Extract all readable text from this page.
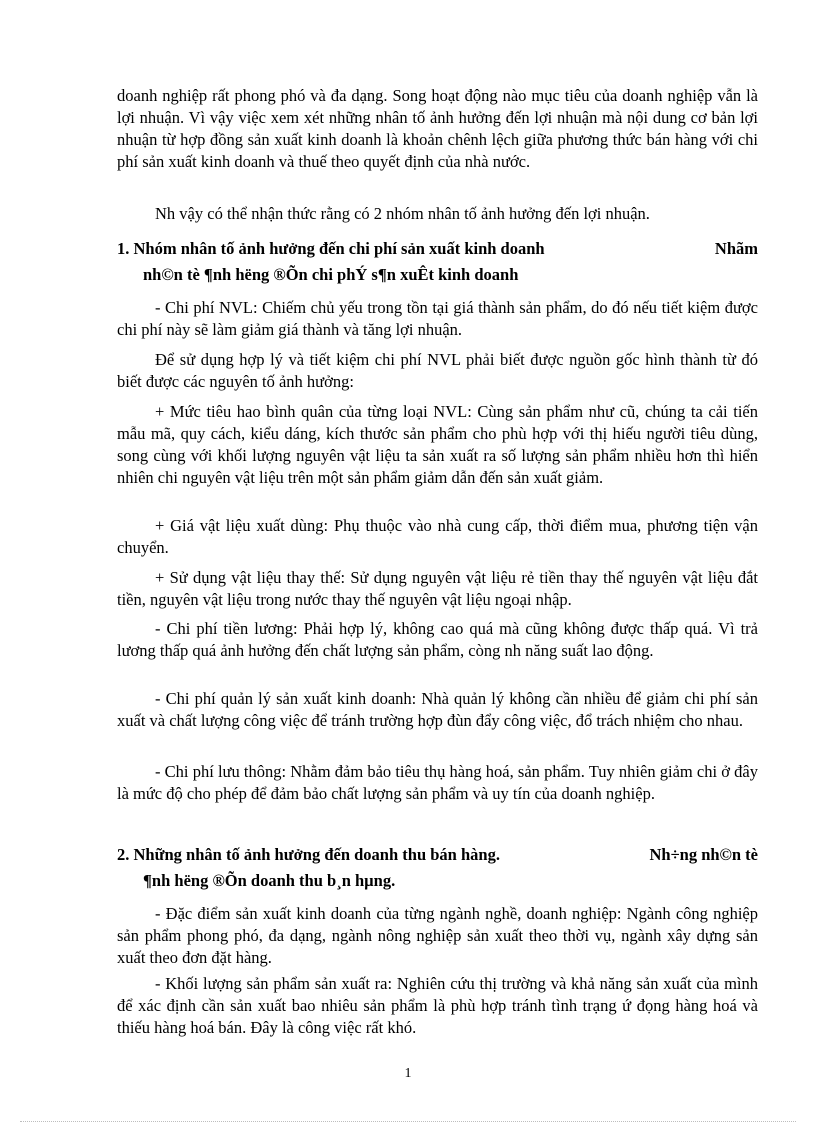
doanh nghiệp rất phong phó và đa dạng. Song hoạt động nào mục tiêu của doanh nghiệp vẫn là lợi nhuận. Vì vậy việc xem xét những nhân tố ảnh hưởng đến lợi nhuận mà nội dung cơ bản lợi nhuận từ hợp đồng sản xuất kinh doanh là khoản chênh lệch giữa phương thức bán hàng với chi phí sản xuất kinh doanh và thuế theo quyết định của nhà nước.

Nh vậy có thể nhận thức rằng có 2 nhóm nhân tố ảnh hưởng đến lợi nhuận.

1. Nhóm nhân tố ảnh hưởng đến chi phí sản xuất kinh doanh	Nhãm
nh©n tè ¶nh hëng ®Õn chi phÝ s¶n xuÊt kinh doanh

- Chi phí NVL: Chiếm chủ yếu trong tồn tại giá thành sản phẩm, do đó nếu tiết kiệm được chi phí này sẽ làm giảm giá thành và tăng lợi nhuận.

Để sử dụng hợp lý và tiết kiệm chi phí NVL phải biết được nguồn gốc hình thành từ đó biết được các nguyên tố ảnh hưởng:

+ Mức tiêu hao bình quân của từng loại NVL: Cùng sản phẩm như cũ, chúng ta cải tiến mẫu mã, quy cách, kiểu dáng, kích thước sản phẩm cho phù hợp với thị hiếu người tiêu dùng, song cùng với khối lượng nguyên vật liệu ta sản xuất ra số lượng sản phẩm nhiều hơn thì hiển nhiên chi nguyên vật liệu trên một sản phẩm giảm dẫn đến sản xuất giảm.

+ Giá vật liệu xuất dùng: Phụ thuộc vào nhà cung cấp, thời điểm mua, phương tiện vận chuyển.

+ Sử dụng vật liệu thay thế: Sử dụng nguyên vật liệu rẻ tiền thay thế nguyên vật liệu đắt tiền, nguyên vật liệu trong nước thay thế nguyên vật liệu ngoại nhập.

- Chi phí tiền lương: Phải hợp lý, không cao quá mà cũng không được thấp quá. Vì trả lương thấp quá ảnh hưởng đến chất lượng sản phẩm, còng nh năng suất lao động.

- Chi phí quản lý sản xuất kinh doanh: Nhà quản lý không cần nhiều để giảm chi phí sản xuất và chất lượng công việc để tránh trường hợp đùn đẩy công việc, đổ trách nhiệm cho nhau.

- Chi phí lưu thông: Nhằm đảm bảo tiêu thụ hàng hoá, sản phẩm. Tuy nhiên giảm chi ở đây là mức độ cho phép để đảm bảo chất lượng sản phẩm và uy tín của doanh nghiệp.

2. Những nhân tố ảnh hưởng đến doanh thu bán hàng.	Nh÷ng nh©n tè
¶nh hëng ®Õn doanh thu b¸n hµng.

- Đặc điểm sản xuất kinh doanh của từng ngành nghề, doanh nghiệp: Ngành công nghiệp sản phẩm phong phó, đa dạng, ngành nông nghiệp sản xuất theo thời vụ, ngành xây dựng sản xuất theo đơn đặt hàng.

- Khối lượng sản phẩm sản xuất ra: Nghiên cứu thị trường và khả năng sản xuất của mình để xác định cần sản xuất bao nhiêu sản phẩm là phù hợp tránh tình trạng ứ đọng hàng hoá và thiếu hàng hoá bán. Đây là công việc rất khó.

1
